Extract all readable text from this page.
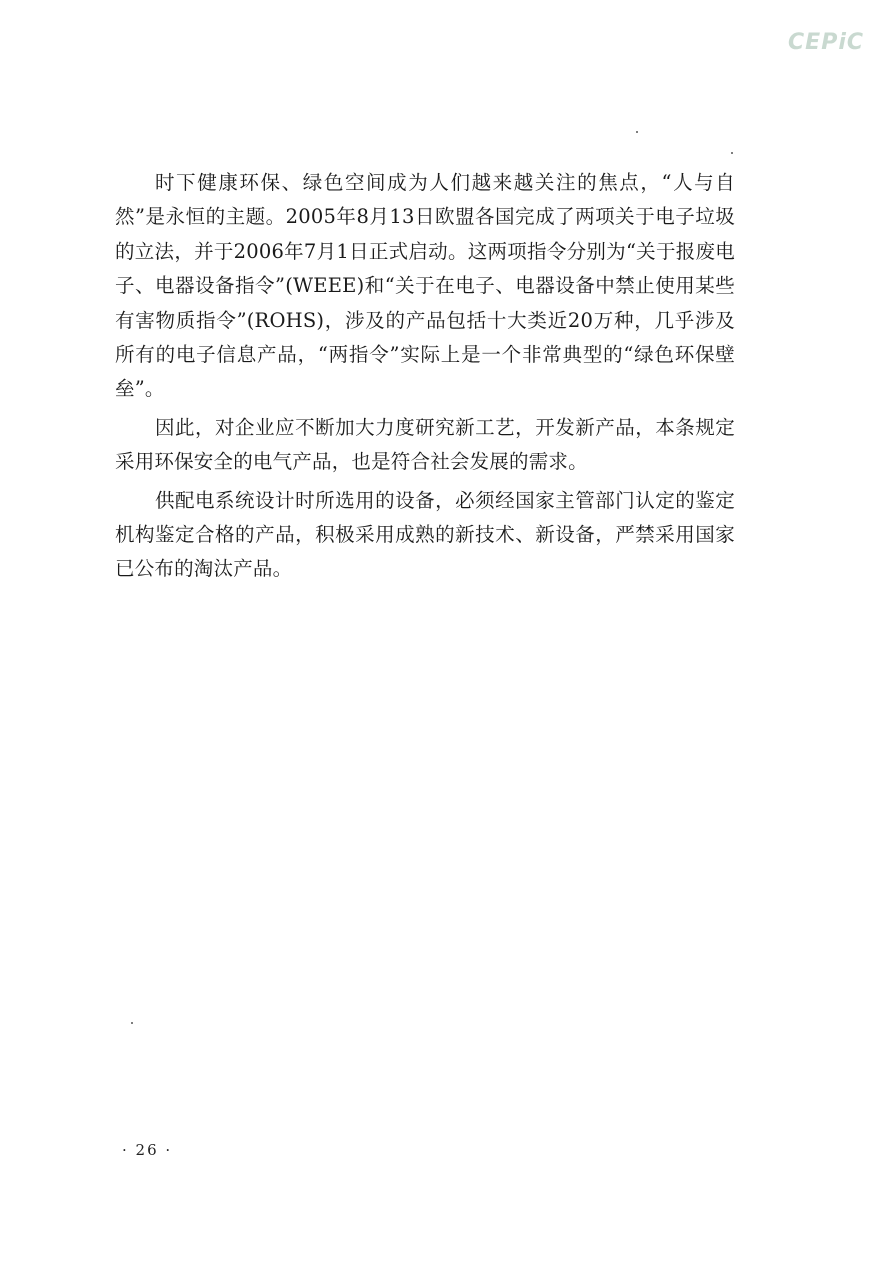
CEPiC

时下健康环保、绿色空间成为人们越来越关注的焦点，“人与自然”是永恒的主题。2005年8月13日欧盟各国完成了两项关于电子垃圾的立法，并于2006年7月1日正式启动。这两项指令分别为“关于报废电子、电器设备指令”(WEEE)和“关于在电子、电器设备中禁止使用某些有害物质指令”(ROHS)，涉及的产品包括十大类近20万种，几乎涉及所有的电子信息产品，“两指令”实际上是一个非常典型的“绿色环保壁垒”。

因此，对企业应不断加大力度研究新工艺，开发新产品，本条规定采用环保安全的电气产品，也是符合社会发展的需求。

供配电系统设计时所选用的设备，必须经国家主管部门认定的鉴定机构鉴定合格的产品，积极采用成熟的新技术、新设备，严禁采用国家已公布的淘汰产品。

· 26 ·
